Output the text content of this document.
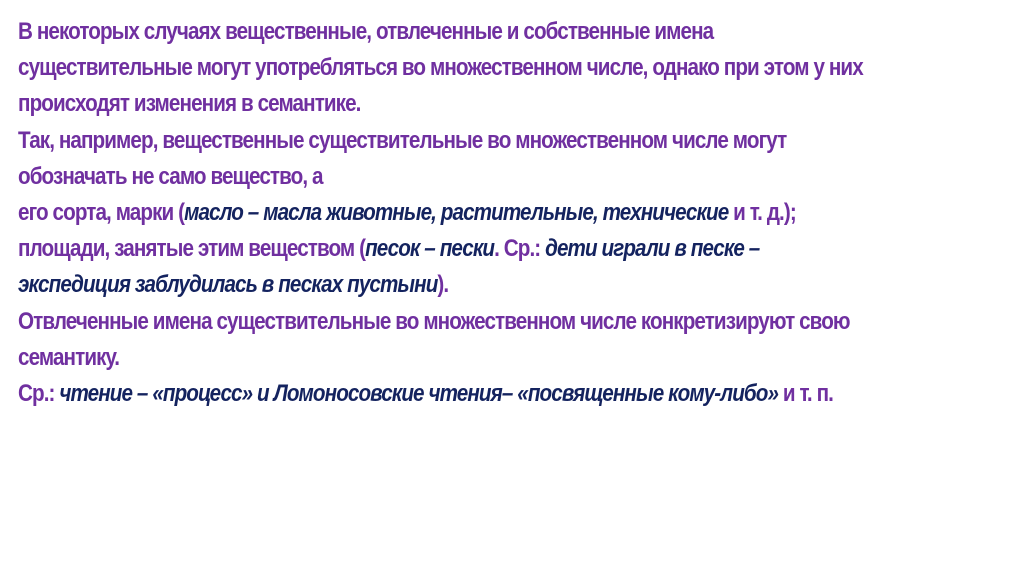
В некоторых случаях вещественные, отвлеченные и собственные имена
существительные могут употребляться во множественном числе, однако при этом у них
происходят изменения в семантике.
Так, например, вещественные существительные во множественном числе могут
обозначать не само вещество, а
его сорта, марки (масло – масла животные, растительные, технические и т. д.);
площади, занятые этим веществом (песок – пески. Ср.: дети играли в песке –
экспедиция заблудилась в песках пустыни).
Отвлеченные имена существительные во множественном числе конкретизируют свою
семантику.
Ср.: чтение – «процесс» и Ломоносовские чтения– «посвященные кому-либо» и т. п.
